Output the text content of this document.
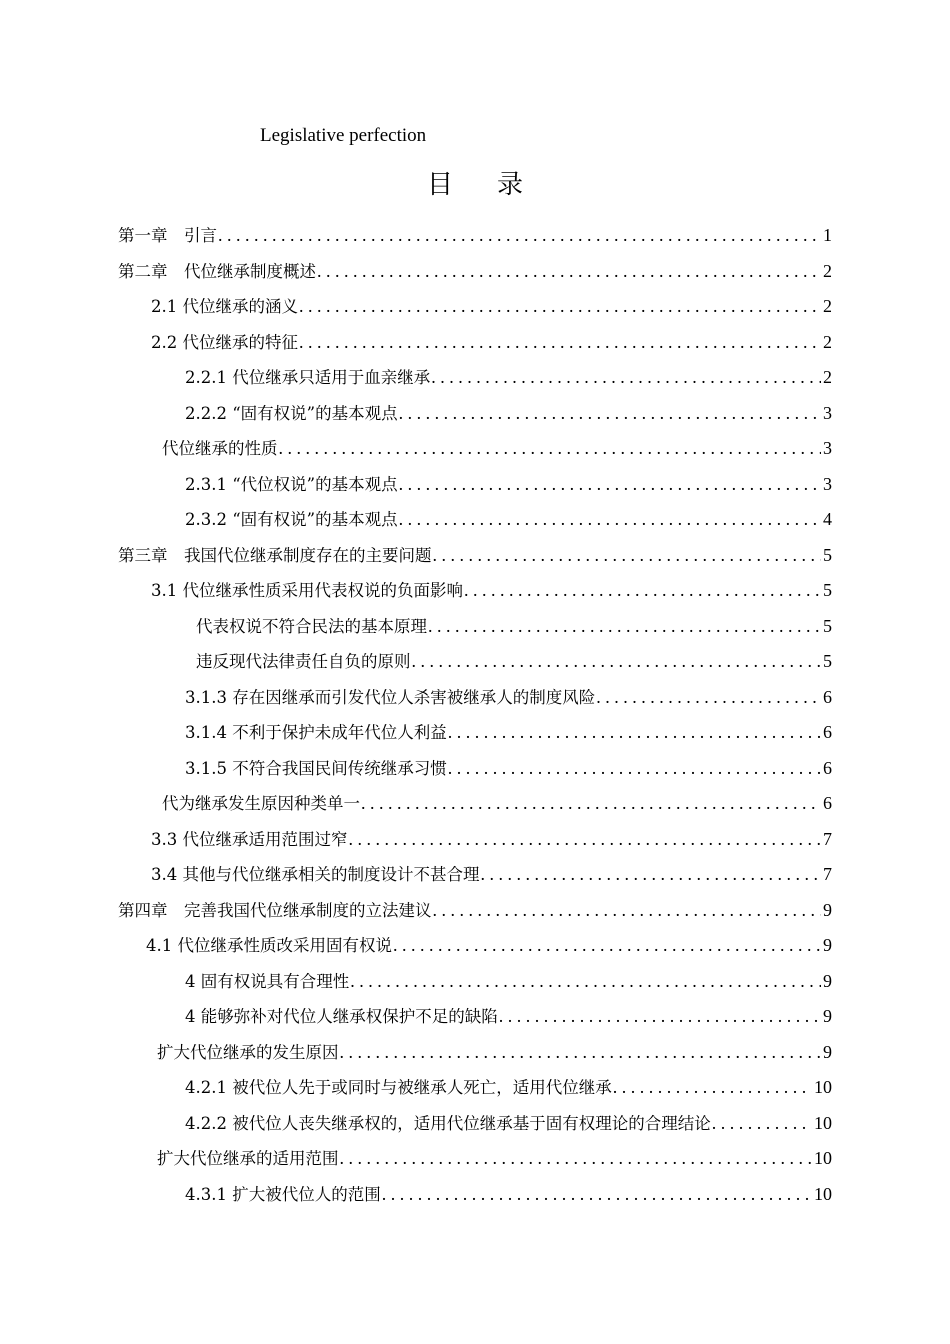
Legislative perfection
目 录
第一章　引言 . . .	1
第二章　代位继承制度概述 . . .	2
2.1 代位继承的涵义 . . .	2
2.2 代位继承的特征 . . .	2
2.2.1 代位继承只适用于血亲继承 . . .	2
2.2.2 “固有权说”的基本观点 . . .	3
代位继承的性质 . . .	3
2.3.1 “代位权说”的基本观点 . . .	3
2.3.2 “固有权说”的基本观点 . . .	4
第三章　我国代位继承制度存在的主要问题 . . .	5
3.1 代位继承性质采用代表权说的负面影响 . . .	5
代表权说不符合民法的基本原理 . . .	5
违反现代法律责任自负的原则 . . .	5
3.1.3 存在因继承而引发代位人杀害被继承人的制度风险 . . .	6
3.1.4 不利于保护未成年代位人利益 . . .	6
3.1.5 不符合我国民间传统继承习惯 . . .	6
代为继承发生原因种类单一 . . .	6
3.3 代位继承适用范围过窄 . . .	7
3.4 其他与代位继承相关的制度设计不甚合理 . . .	7
第四章　完善我国代位继承制度的立法建议 . . .	9
4.1 代位继承性质改采用固有权说 . . .	9
4 固有权说具有合理性 . . .	9
4 能够弥补对代位人继承权保护不足的缺陷 . . .	9
扩大代位继承的发生原因 . . .	9
4.2.1 被代位人先于或同时与被继承人死亡，适用代位继承 . . .	10
4.2.2 被代位人丧失继承权的，适用代位继承基于固有权理论的合理结论 . . .	10
扩大代位继承的适用范围 . . .	10
4.3.1 扩大被代位人的范围 . . .	10
